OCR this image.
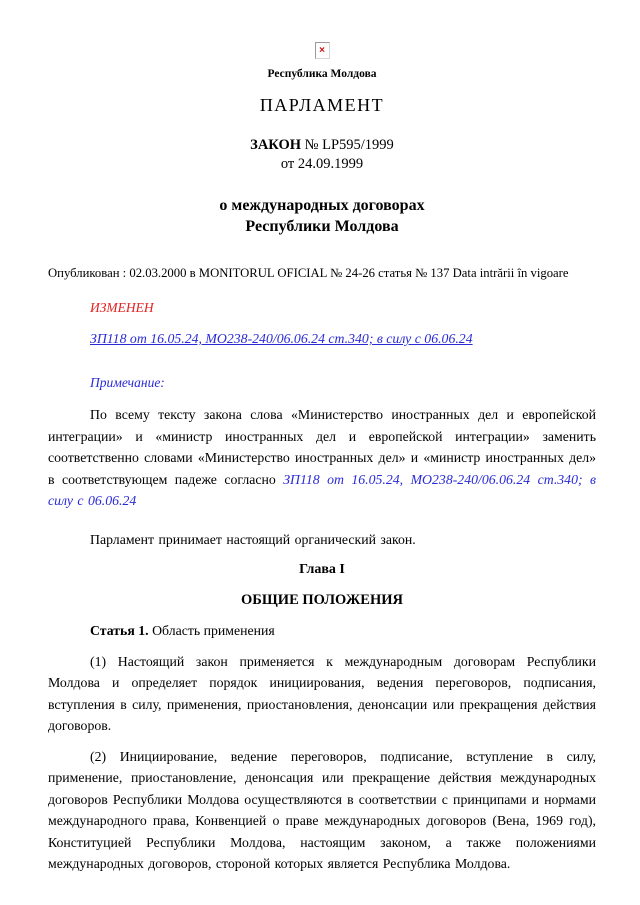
×
Республика Молдова
ПАРЛАМЕНТ
ЗАКОН № LP595/1999
от 24.09.1999
о международных договорах
Республики Молдова
Опубликован : 02.03.2000 в MONITORUL OFICIAL № 24-26 статья № 137 Data intrării în vigoare
ИЗМЕНЕН
ЗП118 от 16.05.24, MO238-240/06.06.24 ст.340; в силу с 06.06.24
Примечание:
По всему тексту закона слова «Министерство иностранных дел и европейской интеграции» и «министр иностранных дел и европейской интеграции» заменить соответственно словами «Министерство иностранных дел» и «министр иностранных дел» в соответствующем падеже согласно ЗП118 от 16.05.24, MO238-240/06.06.24 ст.340; в силу с 06.06.24
Парламент принимает настоящий органический закон.
Глава I
ОБЩИЕ ПОЛОЖЕНИЯ
Статья 1. Область применения
(1) Настоящий закон применяется к международным договорам Республики Молдова и определяет порядок инициирования, ведения переговоров, подписания, вступления в силу, применения, приостановления, денонсации или прекращения действия договоров.
(2) Инициирование, ведение переговоров, подписание, вступление в силу, применение, приостановление, денонсация или прекращение действия международных договоров Республики Молдова осуществляются в соответствии с принципами и нормами международного права, Конвенцией о праве международных договоров (Вена, 1969 год), Конституцией Республики Молдова, настоящим законом, а также положениями международных договоров, стороной которых является Республика Молдова.
